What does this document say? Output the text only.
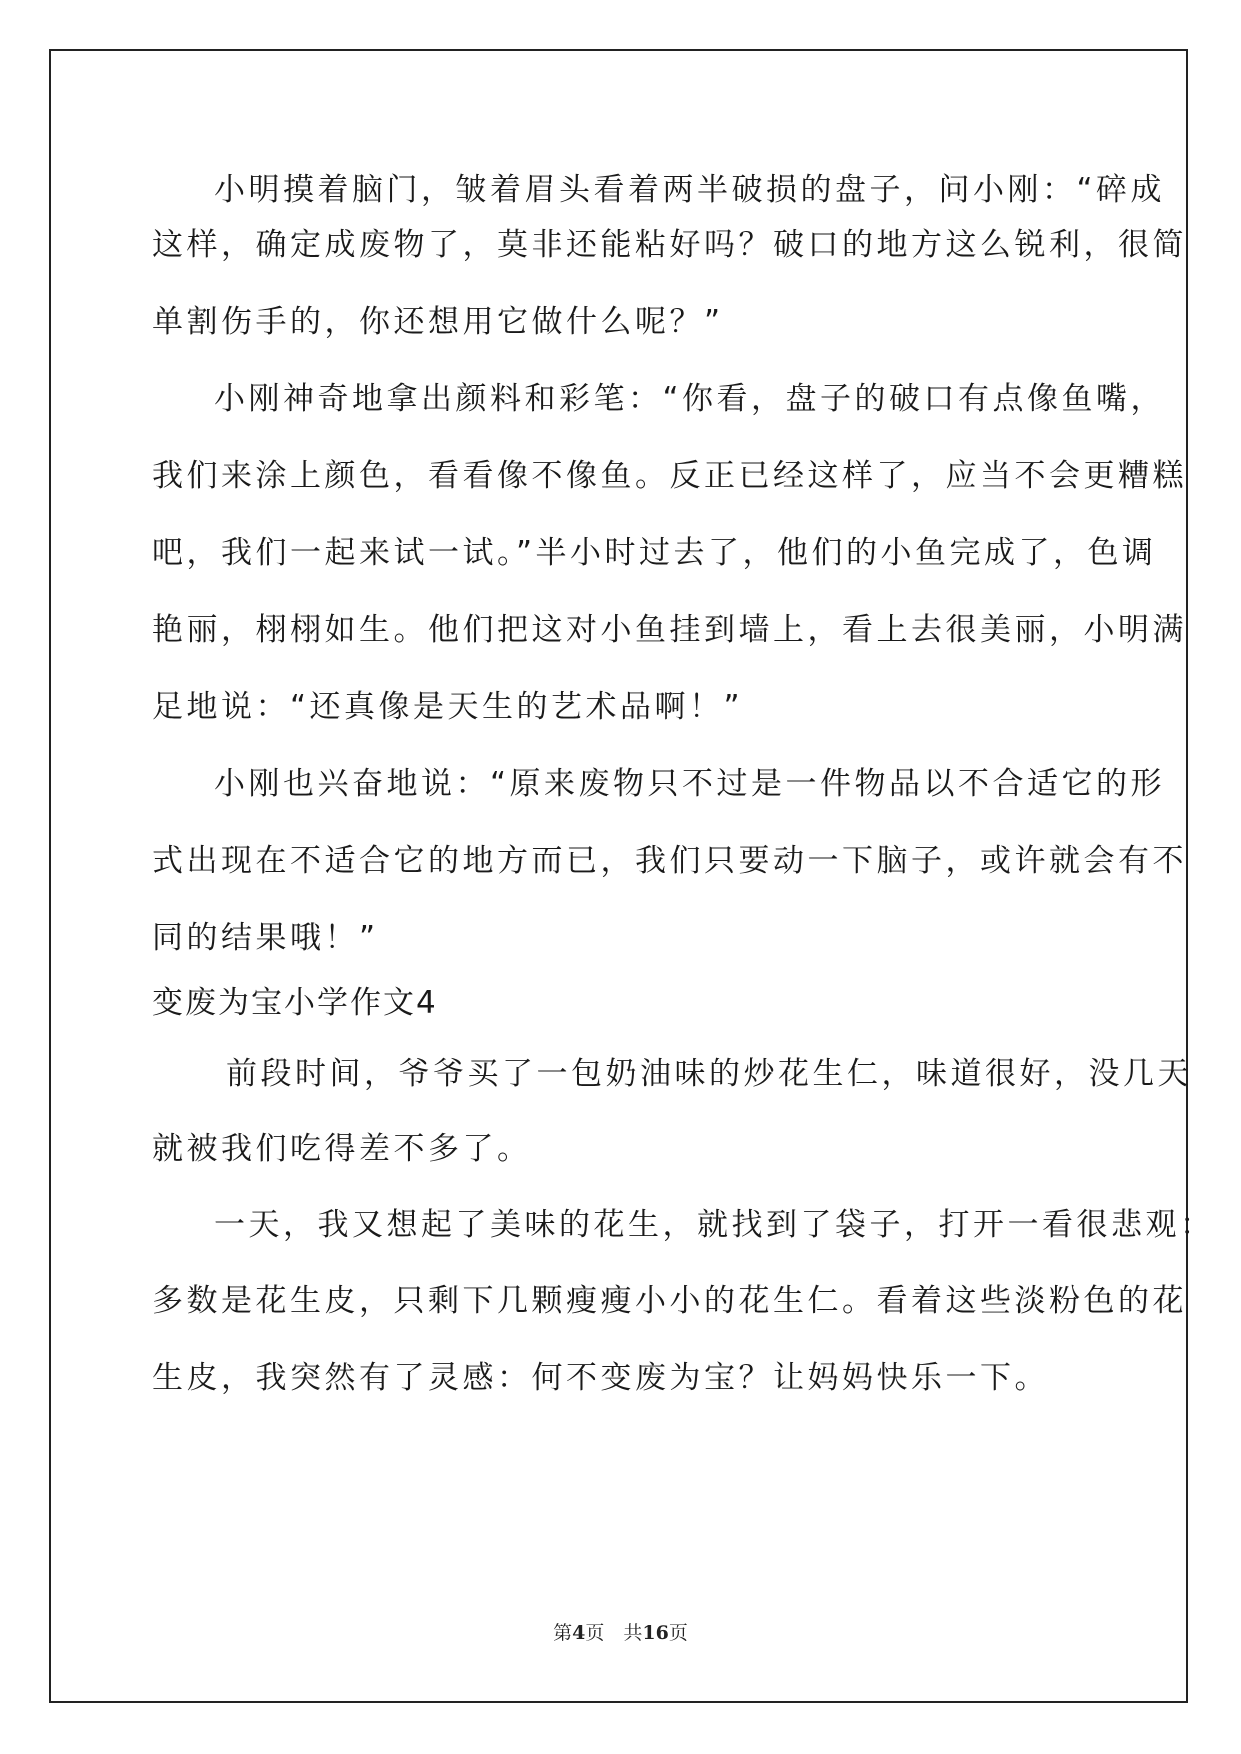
小明摸着脑门，皱着眉头看着两半破损的盘子，问小刚：“碎成
这样，确定成废物了，莫非还能粘好吗？破口的地方这么锐利，很简
单割伤手的，你还想用它做什么呢？”
小刚神奇地拿出颜料和彩笔：“你看，盘子的破口有点像鱼嘴，
我们来涂上颜色，看看像不像鱼。反正已经这样了，应当不会更糟糕
吧，我们一起来试一试。”半小时过去了，他们的小鱼完成了，色调
艳丽，栩栩如生。他们把这对小鱼挂到墙上，看上去很美丽，小明满
足地说：“还真像是天生的艺术品啊！”
小刚也兴奋地说：“原来废物只不过是一件物品以不合适它的形
式出现在不适合它的地方而已，我们只要动一下脑子，或许就会有不
同的结果哦！”
变废为宝小学作文4
前段时间，爷爷买了一包奶油味的炒花生仁，味道很好，没几天
就被我们吃得差不多了。
一天，我又想起了美味的花生，就找到了袋子，打开一看很悲观：
多数是花生皮，只剩下几颗瘦瘦小小的花生仁。看着这些淡粉色的花
生皮，我突然有了灵感：何不变废为宝？让妈妈快乐一下。
第4页　共16页
